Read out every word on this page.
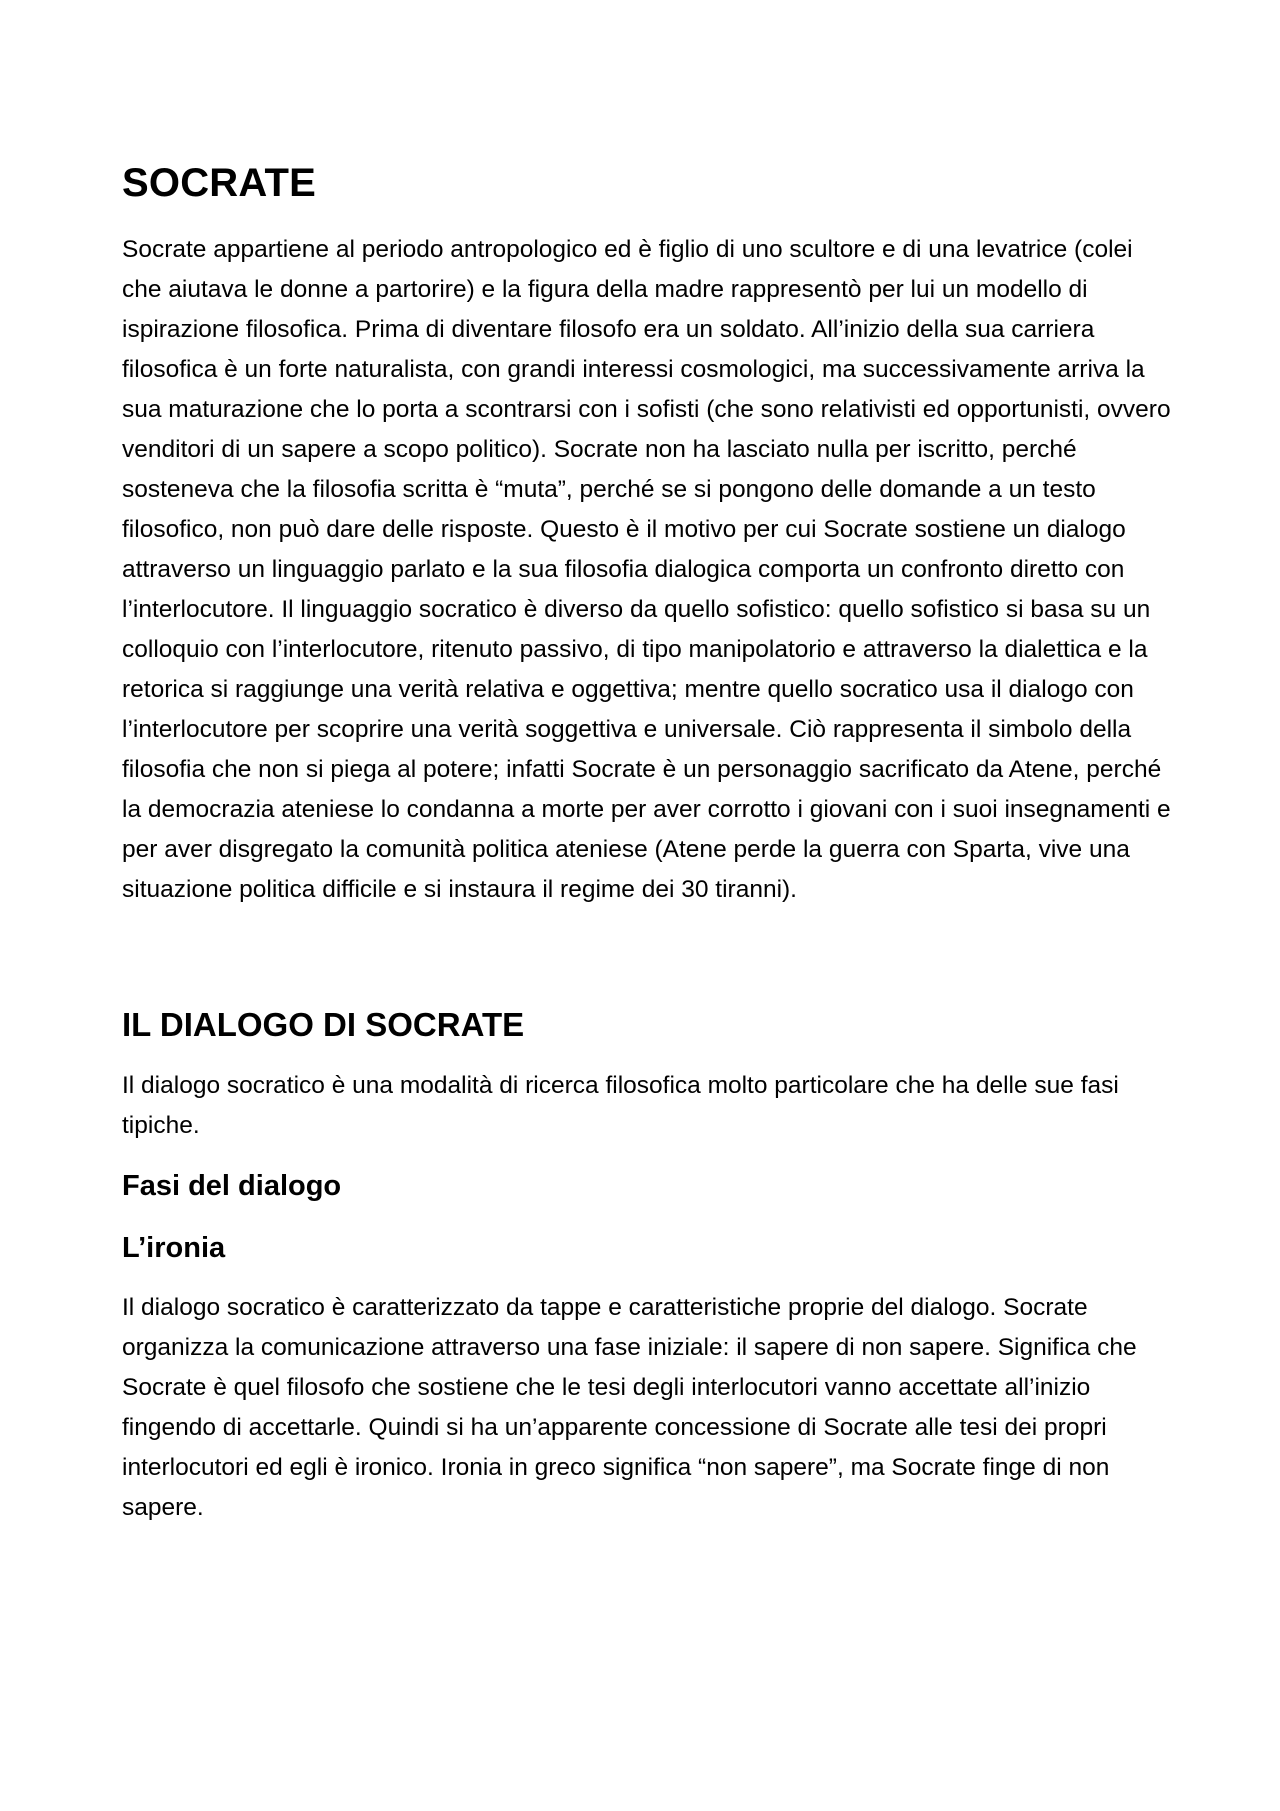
SOCRATE

Socrate appartiene al periodo antropologico ed è figlio di uno scultore e di una levatrice (colei che aiutava le donne a partorire) e la figura della madre rappresentò per lui un modello di ispirazione filosofica. Prima di diventare filosofo era un soldato. All’inizio della sua carriera filosofica è un forte naturalista, con grandi interessi cosmologici, ma successivamente arriva la sua maturazione che lo porta a scontrarsi con i sofisti (che sono relativisti ed opportunisti, ovvero venditori di un sapere a scopo politico). Socrate non ha lasciato nulla per iscritto, perché sosteneva che la filosofia scritta è “muta”, perché se si pongono delle domande a un testo filosofico, non può dare delle risposte. Questo è il motivo per cui Socrate sostiene un dialogo attraverso un linguaggio parlato e la sua filosofia dialogica comporta un confronto diretto con l’interlocutore. Il linguaggio socratico è diverso da quello sofistico: quello sofistico si basa su un colloquio con l’interlocutore, ritenuto passivo, di tipo manipolatorio e attraverso la dialettica e la retorica si raggiunge una verità relativa e oggettiva; mentre quello socratico usa il dialogo con l’interlocutore per scoprire una verità soggettiva e universale. Ciò rappresenta il simbolo della filosofia che non si piega al potere; infatti Socrate è un personaggio sacrificato da Atene, perché la democrazia ateniese lo condanna a morte per aver corrotto i giovani con i suoi insegnamenti e per aver disgregato la comunità politica ateniese (Atene perde la guerra con Sparta, vive una situazione politica difficile e si instaura il regime dei 30 tiranni).

IL DIALOGO DI SOCRATE

Il dialogo socratico è una modalità di ricerca filosofica molto particolare che ha delle sue fasi tipiche.

Fasi del dialogo
L’ironia

Il dialogo socratico è caratterizzato da tappe e caratteristiche proprie del dialogo. Socrate organizza la comunicazione attraverso una fase iniziale: il sapere di non sapere. Significa che Socrate è quel filosofo che sostiene che le tesi degli interlocutori vanno accettate all’inizio fingendo di accettarle. Quindi si ha un’apparente concessione di Socrate alle tesi dei propri interlocutori ed egli è ironico. Ironia in greco significa “non sapere”, ma Socrate finge di non sapere.
